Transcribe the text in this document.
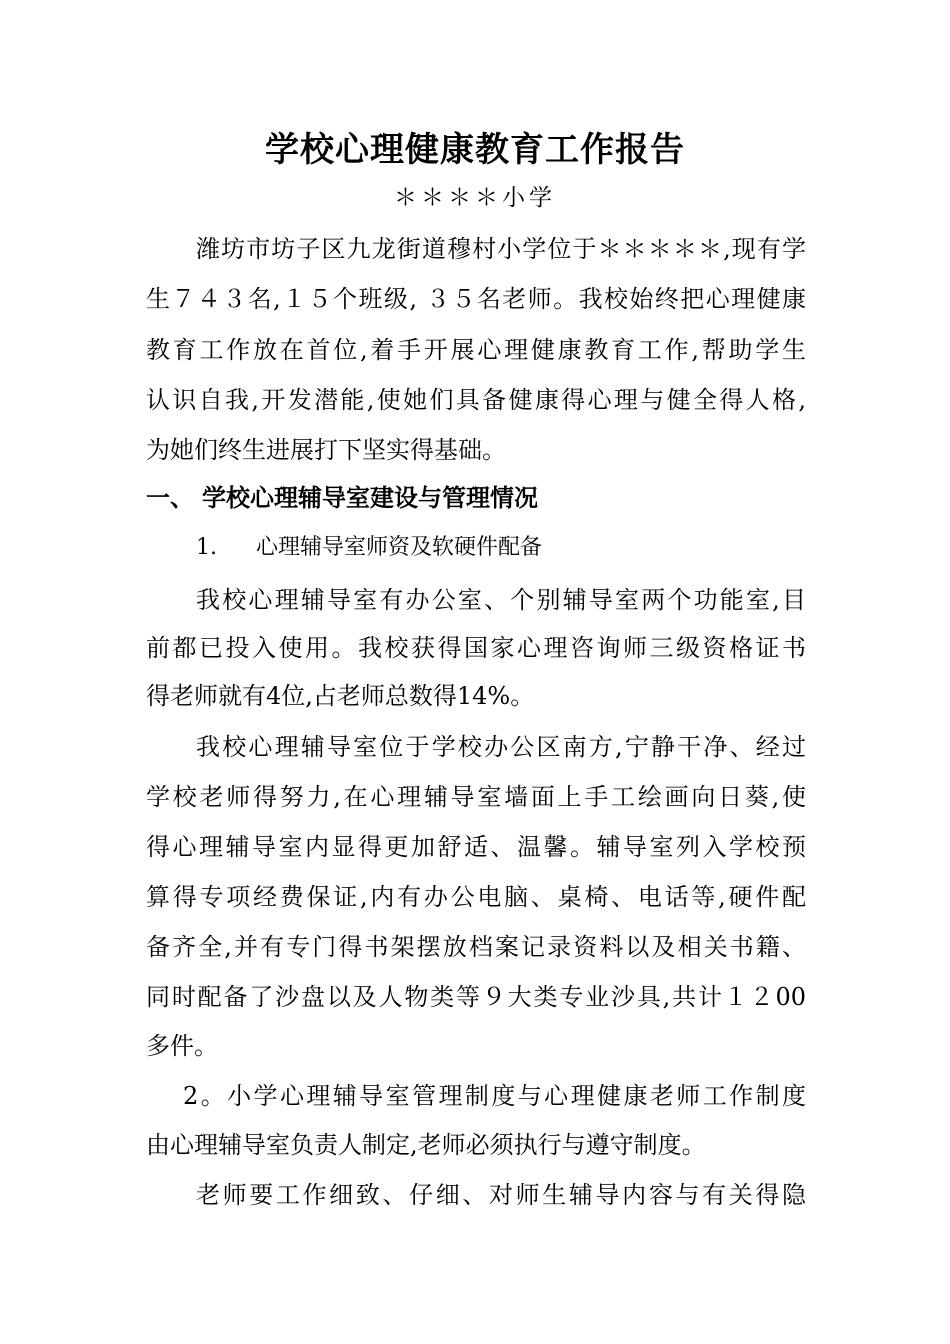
学校心理健康教育工作报告
＊＊＊＊小学
潍坊市坊子区九龙街道穆村小学位于＊＊＊＊＊,现有学
生７４３名,１５个班级, ３５名老师。我校始终把心理健康
教育工作放在首位,着手开展心理健康教育工作,帮助学生
认识自我,开发潜能,使她们具备健康得心理与健全得人格,
为她们终生进展打下坚实得基础。
一、 学校心理辅导室建设与管理情况
1. 心理辅导室师资及软硬件配备
我校心理辅导室有办公室、个别辅导室两个功能室,目
前都已投入使用。我校获得国家心理咨询师三级资格证书
得老师就有4位,占老师总数得14%。
我校心理辅导室位于学校办公区南方,宁静干净、经过
学校老师得努力,在心理辅导室墙面上手工绘画向日葵,使
得心理辅导室内显得更加舒适、温馨。辅导室列入学校预
算得专项经费保证,内有办公电脑、桌椅、电话等,硬件配
备齐全,并有专门得书架摆放档案记录资料以及相关书籍、
同时配备了沙盘以及人物类等９大类专业沙具,共计１２00
多件。
2。小学心理辅导室管理制度与心理健康老师工作制度
由心理辅导室负责人制定,老师必须执行与遵守制度。
老师要工作细致、仔细、对师生辅导内容与有关得隐
